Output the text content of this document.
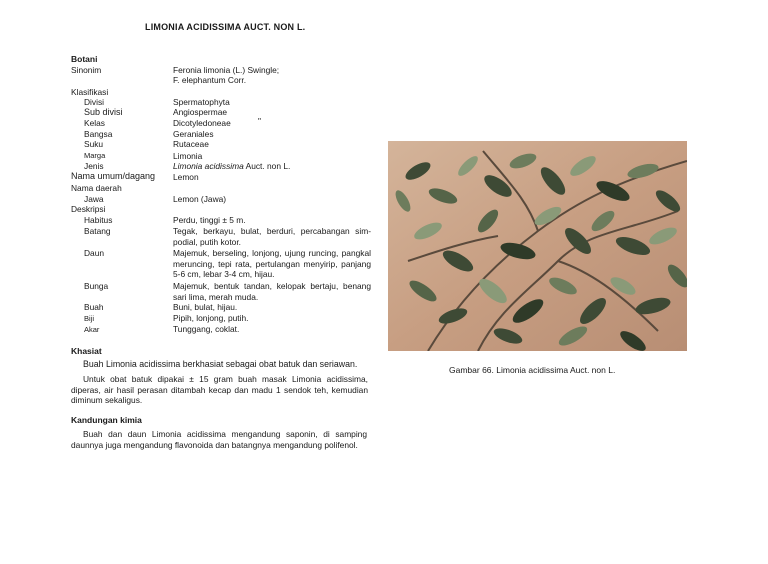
LIMONIA ACIDISSIMA AUCT. NON L.
Botani
Sinonim	Feronia limonia (L.) Swingle;
F. elephantum Corr.
Klasifikasi
Divisi	Spermatophyta
Sub divisi	Angiospermae
Kelas	Dicotyledoneae	"
Bangsa	Geraniales
Suku	Rutaceae
Marga	Limonia
Jenis	Limonia acidissima Auct. non L.
Nama umum/dagang Lemon
Nama daerah
Jawa	Lemon (Jawa)
Deskripsi
Habitus	Perdu, tinggi ± 5 m.
Batang	Tegak, berkayu, bulat, berduri, percabangan simpodial, putih kotor.
Daun	Majemuk, berseling, lonjong, ujung runcing, pangkal meruncing, tepi rata, pertulangan menyirip, panjang 5-6 cm, lebar 3-4 cm, hijau.
Bunga	Majemuk, bentuk tandan, kelopak bertaju, benang sari lima, merah muda.
Buah	Buni, bulat, hijau.
Biji	Pipih, lonjong, putih.
Akar	Tunggang, coklat.
Khasiat
Buah Limonia acidissima berkhasiat sebagai obat batuk dan seriawan.
Untuk obat batuk dipakai ± 15 gram buah masak Limonia acidissima, diperas, air hasil perasan ditambah kecap dan madu 1 sendok teh, kemudian diminum sekaligus.
Kandungan kimia
Buah dan daun Limonia acidissima mengandung saponin, di samping daunnya juga mengandung flavonoida dan batangnya mengandung polifenol.
Gambar 66. Limonia acidissima Auct. non L.
